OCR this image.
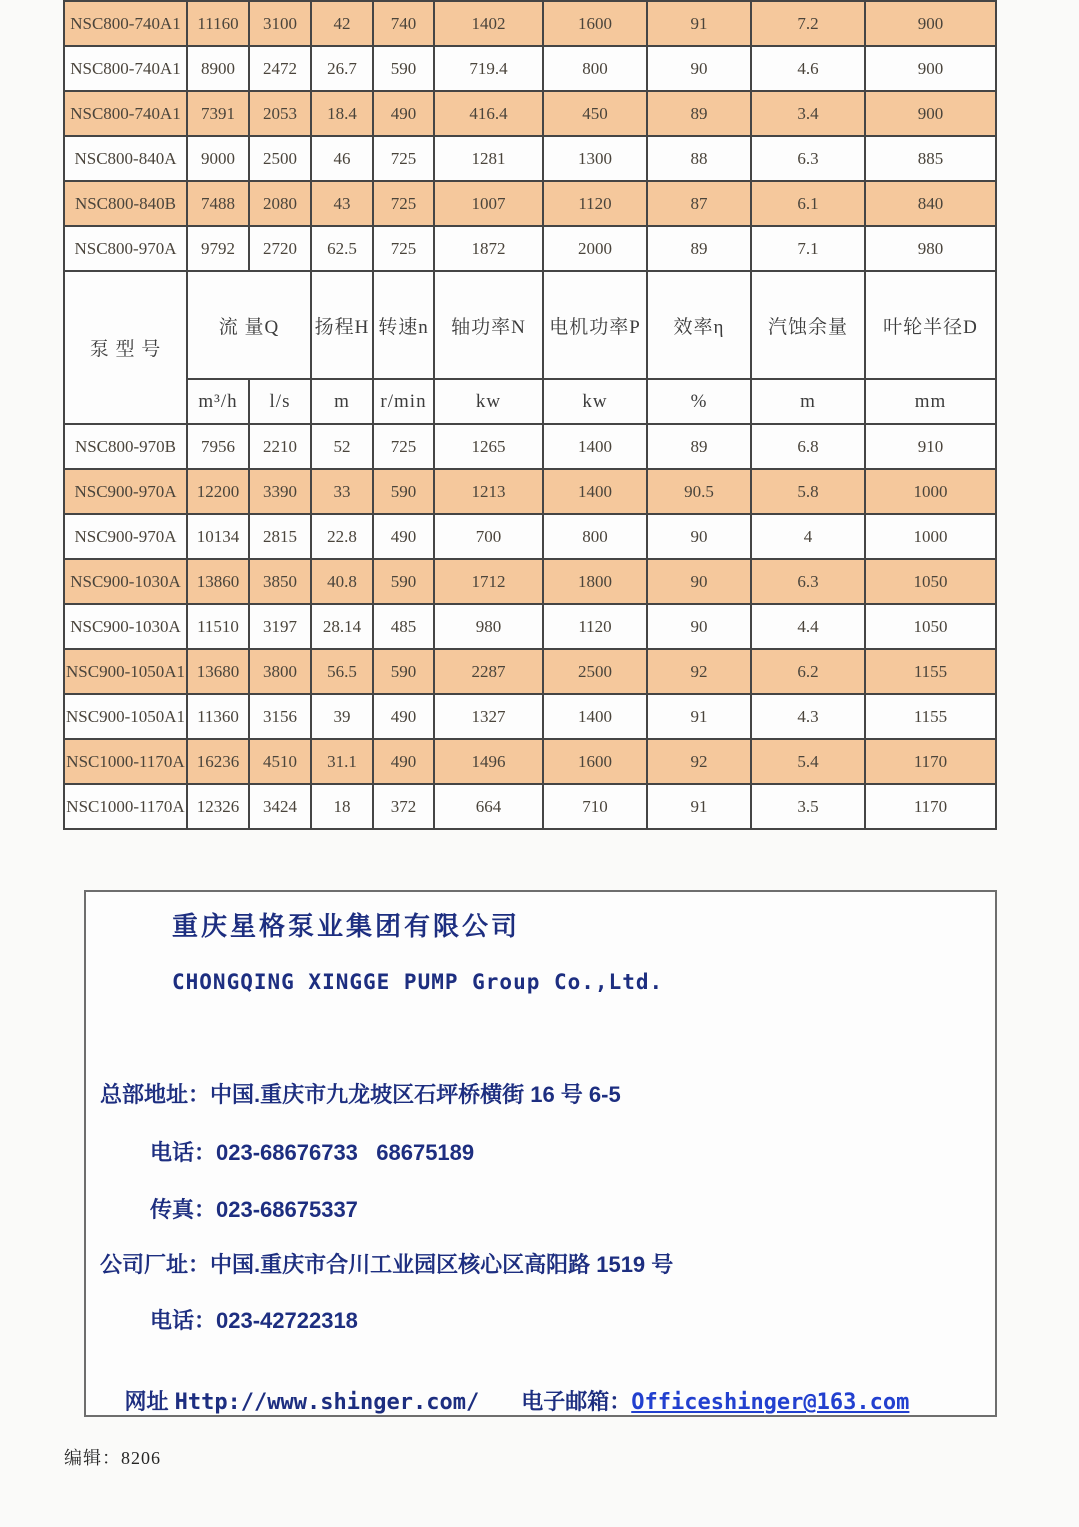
NSC800-740A1	11160	3100	42	740	1402	1600	91	7.2	900
NSC800-740A1	8900	2472	26.7	590	719.4	800	90	4.6	900
NSC800-740A1	7391	2053	18.4	490	416.4	450	89	3.4	900
NSC800-840A	9000	2500	46	725	1281	1300	88	6.3	885
NSC800-840B	7488	2080	43	725	1007	1120	87	6.1	840
NSC800-970A	9792	2720	62.5	725	1872	2000	89	7.1	980
泵 型 号	流 量Q		扬程H	转速n	轴功率N	电机功率P	效率η	汽蚀余量	叶轮半径D
	m³/h	l/s	m	r/min	kw	kw	%	m	mm
NSC800-970B	7956	2210	52	725	1265	1400	89	6.8	910
NSC900-970A	12200	3390	33	590	1213	1400	90.5	5.8	1000
NSC900-970A	10134	2815	22.8	490	700	800	90	4	1000
NSC900-1030A	13860	3850	40.8	590	1712	1800	90	6.3	1050
NSC900-1030A	11510	3197	28.14	485	980	1120	90	4.4	1050
NSC900-1050A1	13680	3800	56.5	590	2287	2500	92	6.2	1155
NSC900-1050A1	11360	3156	39	490	1327	1400	91	4.3	1155
NSC1000-1170A	16236	4510	31.1	490	1496	1600	92	5.4	1170
NSC1000-1170A	12326	3424	18	372	664	710	91	3.5	1170
重庆星格泵业集团有限公司
CHONGQING XINGGE PUMP Group Co.,Ltd.
总部地址：中国.重庆市九龙坡区石坪桥横街 16 号 6-5
电话：023-68676733   68675189
传真：023-68675337
公司厂址：中国.重庆市合川工业园区核心区高阳路 1519 号
电话：023-42722318

网址 Http://www.shinger.com/ 电子邮箱：Officeshinger@163.com

编辑：8206
